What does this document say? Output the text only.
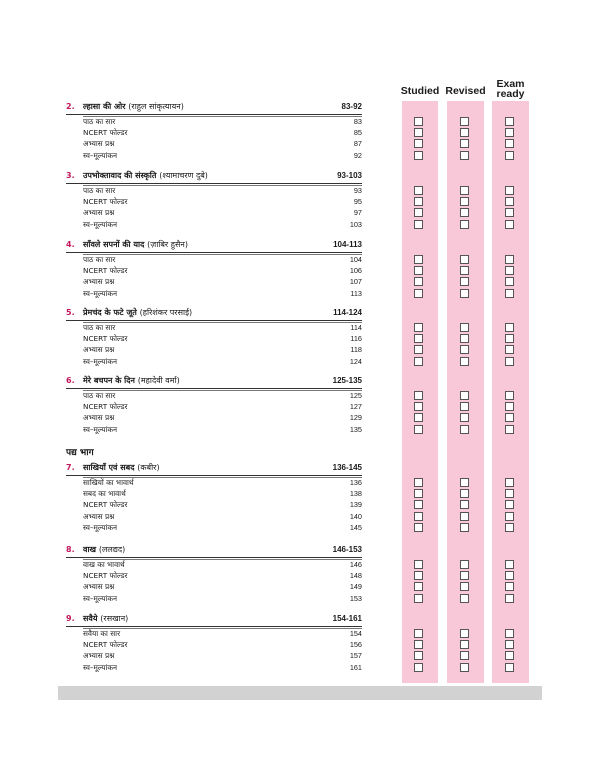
Studied Revised
Exam
ready
2. ल्हासा की ओर (राहुल सांकृत्यायन)	83-92
पाठ का सार	83
NCERT फोल्डर	85
अभ्यास प्रश्न	87
स्व–मूल्यांकन	92
3. उपभोक्तावाद की संस्कृति (श्यामाचरण दुबे)	93-103
पाठ का सार	93
NCERT फोल्डर	95
अभ्यास प्रश्न	97
स्व–मूल्यांकन	103
4. साँवले सपनों की याद (ज़ाबिर हुसैन)	104-113
पाठ का सार	104
NCERT फोल्डर	106
अभ्यास प्रश्न	107
स्व–मूल्यांकन	113
5. प्रेमचंद के फटे जूते (हरिशंकर परसाई)	114-124
पाठ का सार	114
NCERT फोल्डर	116
अभ्यास प्रश्न	118
स्व–मूल्यांकन	124
6. मेरे बचपन के दिन (महादेवी वर्मा)	125-135
पाठ का सार	125
NCERT फोल्डर	127
अभ्यास प्रश्न	129
स्व–मूल्यांकन	135
7. साखियाँ एवं सबद (कबीर)	136-145
साखियों का भावार्थ	136
सबद का भावार्थ	138
NCERT फोल्डर	139
अभ्यास प्रश्न	140
स्व–मूल्यांकन	145
8. वाख (ललद्यद)	146-153
वाख का भावार्थ	146
NCERT फोल्डर	148
अभ्यास प्रश्न	149
स्व–मूल्यांकन	153
9. सवैये (रसखान)	154-161
सवैया का सार	154
NCERT फोल्डर	156
अभ्यास प्रश्न	157
स्व–मूल्यांकन	161
पद्य भाग
